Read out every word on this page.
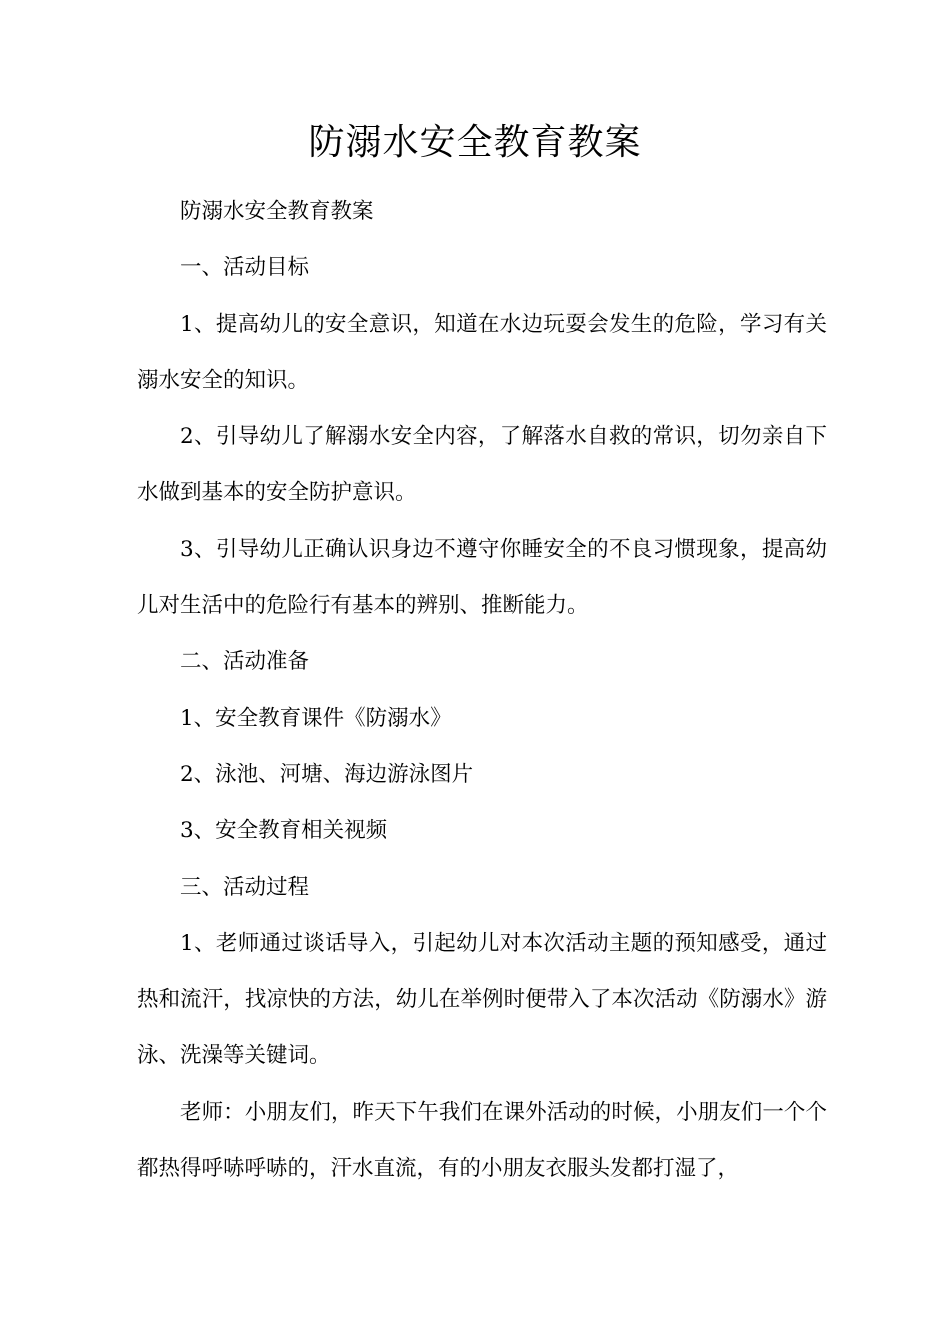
防溺水安全教育教案

防溺水安全教育教案

一、活动目标

1、提高幼儿的安全意识，知道在水边玩耍会发生的危险，学习有关溺水安全的知识。

2、引导幼儿了解溺水安全内容，了解落水自救的常识，切勿亲自下水做到基本的安全防护意识。

3、引导幼儿正确认识身边不遵守你睡安全的不良习惯现象，提高幼儿对生活中的危险行有基本的辨别、推断能力。

二、活动准备

1、安全教育课件《防溺水》

2、泳池、河塘、海边游泳图片

3、安全教育相关视频

三、活动过程

1、老师通过谈话导入，引起幼儿对本次活动主题的预知感受，通过热和流汗，找凉快的方法，幼儿在举例时便带入了本次活动《防溺水》游泳、洗澡等关键词。

老师：小朋友们，昨天下午我们在课外活动的时候，小朋友们一个个都热得呼哧呼哧的，汗水直流，有的小朋友衣服头发都打湿了，
